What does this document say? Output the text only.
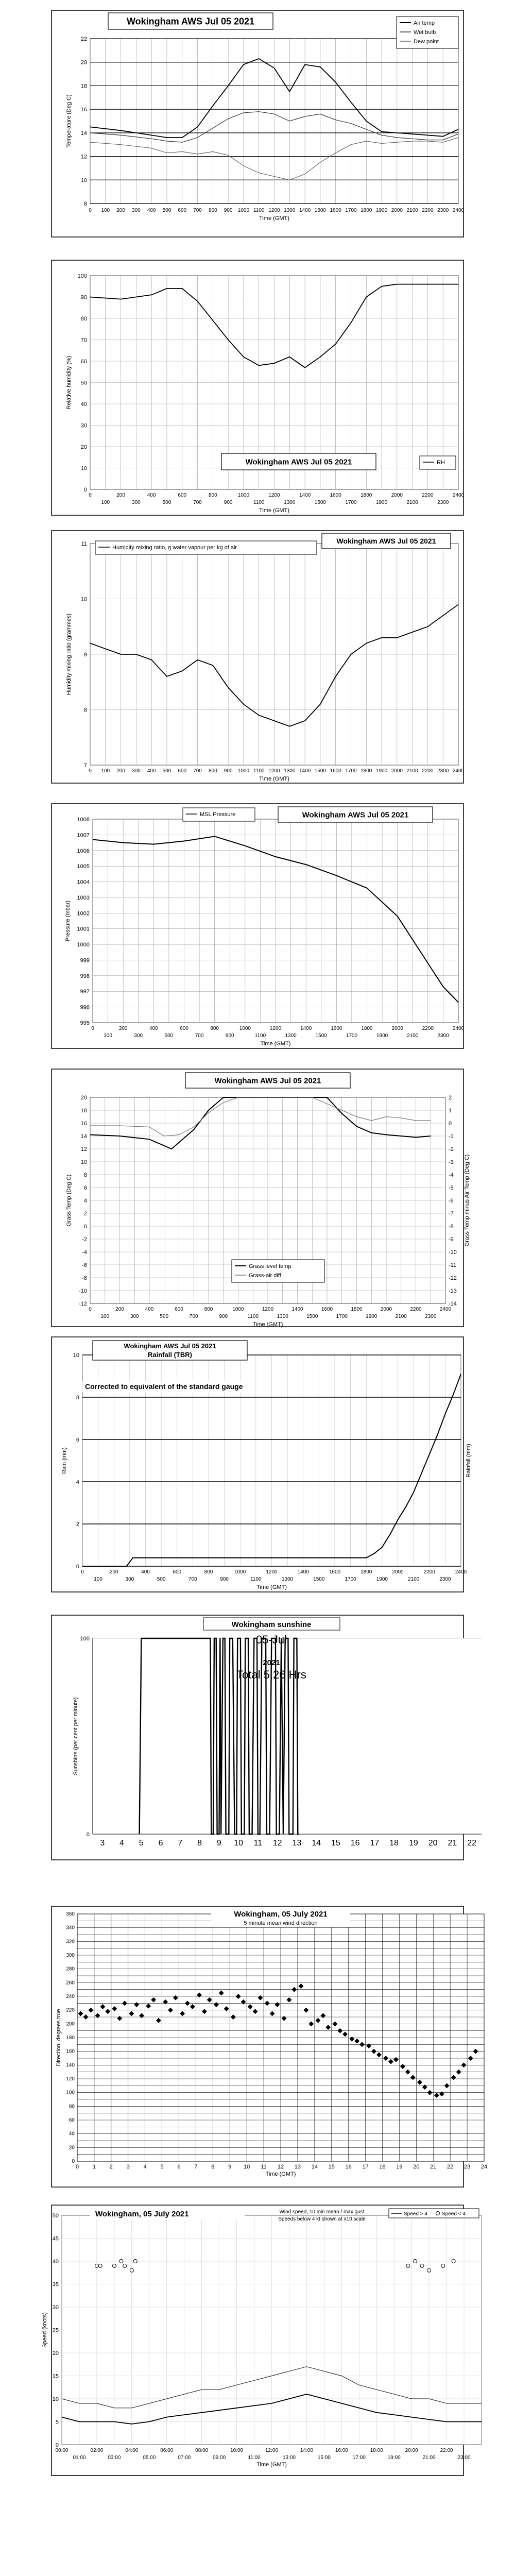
8
10
12
14
16
18
20
22
0 100 200 300 400 500 600 700 800 900 1000 1100 1200 1300 1400 1500 1600 1700 1800 1900 2000 2100 2200 2300 2400
Time (GMT)
Temperature (Deg C)
Wokingham AWS Jul 05 2021	Air temp
Wet bulb
Dew point
0
10
20
30
40
50
60
70
80
90
100
0	200	400	600	800	1000	1200	1400	1600	1800	2000	2200	2400
100	300	500	700	900	1100	1300	1500	1700	1900	2100	2300
Time (GMT)
Relative humidity (%)
Wokingham AWS Jul 05 2021	RH
7
8
9
10
11
0 100 200 300 400 500 600 700 800 900 1000 1100 1200 1300 1400 1500 1600 1700 1800 1900 2000 2100 2200 2300 2400
Time (GMT)
Humidity mixing ratio (grammes)
Wokingham AWS Jul 05 2021
Humidity mixing ratio, g water vapour per kg of air
995
996
997
998
999
1000
1001
1002
1003
1004
1005
1006
1007
1008
0	200	400	600	800	1000	1200	1400	1600	1800	2000	2200	2400
100	300	500	700	900	1100	1300	1500	1700	1900	2100	2300
Time (GMT)
Pressure (mbar)
Wokingham AWS Jul 05 2021
MSL Pressure
-12
-10
-8
-6
-4
-2
0
2
4
6
8
10
12
14
16
18
20
-14
-13
-12
-11
-10
-9
-8
-7
-6
-5
-4
-3
-2
-1
0
1
2
0	200	400	600	800	1000	1200	1400	1600	1800	2000	2200	2400
100	300	500	700	900	1100	1300	1500	1700	1900	2100	2300
Time (GMT)
Grass Temp (Deg C)	Grass Temp minus Air Temp (Deg C)
Wokingham AWS Jul 05 2021
Grass level temp
Grass-air diff
0
2
4
6
8
10
0	200	400	600	800	1000	1200	1400	1600	1800	2000	2200	2400
100	300	500	700	900	1100	1300	1500	1700	1900	2100	2300
Time (GMT)
Rain (mm)	Rainfall (mm)
Wokingham AWS Jul 05 2021
Rainfall (TBR)
Corrected to equivalent of the standard gauge
0
100
3 4 5 6 7 8 9 10 11 12 13 14 15 16 17 18 19 20 21 22
Sunshine (per cent per minute)
Wokingham sunshine
05-Jul
2021
Total 5.26 Hrs
0
20
40
60
80
100
120
140
160
180
200
220
240
260
280
300
320
340
360
0 1 2 3 4 5 6 7 8 9 10 11 12 13 14 15 16 17 18 19 20 21 22 23 24
Time (GMT)
Direction, degrees true
Wokingham, 05 July 2021
5 minute mean wind direction
0
5
10
15
20
25
30
35
40
45
50
00:00	02:00	04:00	06:00	08:00	10:00	12:00	14:00	16:00	18:00	20:00	22:00
01:00	03:00	05:00	07:00	09:00	11:00	13:00	15:00	17:00	19:00	21:00	23:00
Time (GMT)
Speed (knots)
Wokingham, 05 July 2021	Wind speed, 10 min mean / max gust
Speeds below 4 kt shown at x10 scale
Speed > 4	Speed < 4
